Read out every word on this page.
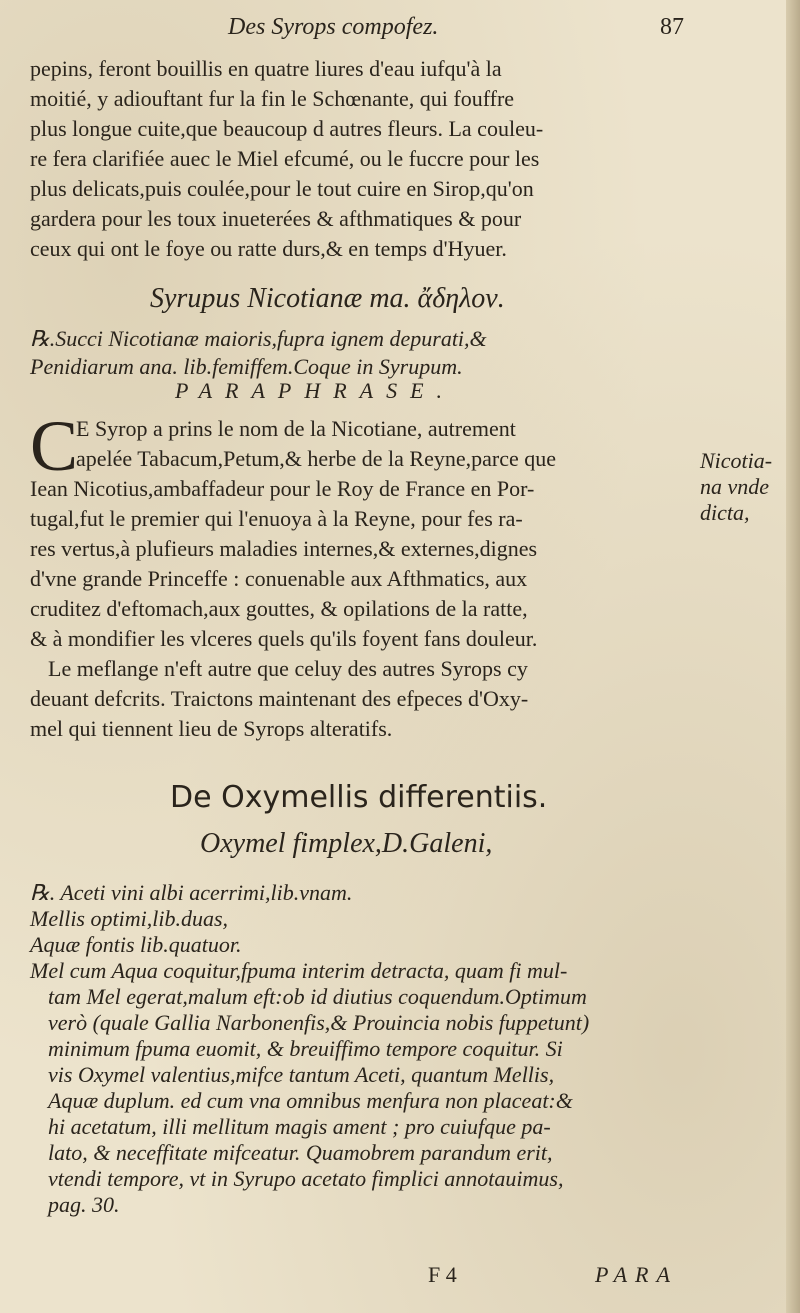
Des Syrops compofez.	87
pepins, feront bouillis en quatre liures d'eau iufqu'à la
moitié, y adiouftant fur la fin le Schœnante, qui fouffre
plus longue cuite,que beaucoup d autres fleurs. La couleu-
re fera clarifiée auec le Miel efcumé, ou le fuccre pour les
plus delicats,puis coulée,pour le tout cuire en Sirop,qu'on
gardera pour les toux inueterées & afthmatiques & pour
ceux qui ont le foye ou ratte durs,& en temps d'Hyuer.
Syrupus Nicotianæ ma. ἄδηλον.
℞.Succi Nicotianæ maioris,fupra ignem depurati,&
Penidiarum ana. lib.femiffem.Coque in Syrupum.
PARAPHRASE.
C
E Syrop a prins le nom de la Nicotiane, autrement
apelée Tabacum,Petum,& herbe de la Reyne,parce que
Iean Nicotius,ambaffadeur pour le Roy de France en Por-
tugal,fut le premier qui l'enuoya à la Reyne, pour fes ra-
res vertus,à plufieurs maladies internes,& externes,dignes
d'vne grande Princeffe : conuenable aux Afthmatics, aux
cruditez d'eftomach,aux gouttes, & opilations de la ratte,
& à mondifier les vlceres quels qu'ils foyent fans douleur.
Le meflange n'eft autre que celuy des autres Syrops cy
deuant defcrits. Traictons maintenant des efpeces d'Oxy-
mel qui tiennent lieu de Syrops alteratifs.
Nicotia-
na vnde
dicta,
De Oxymellis differentiis.
Oxymel fimplex,D.Galeni,
℞. Aceti vini albi acerrimi,lib.vnam.
Mellis optimi,lib.duas,
Aquæ fontis lib.quatuor.
Mel cum Aqua coquitur,fpuma interim detracta, quam fi mul-
tam Mel egerat,malum eft:ob id diutius coquendum.Optimum
verò (quale Gallia Narbonenfis,& Prouincia nobis fuppetunt)
minimum fpuma euomit, & breuiffimo tempore coquitur. Si
vis Oxymel valentius,mifce tantum Aceti, quantum Mellis,
Aquæ duplum. ed cum vna omnibus menfura non placeat:&
hi acetatum, illi mellitum magis ament ; pro cuiufque pa-
lato, & neceffitate mifceatur. Quamobrem parandum erit,
vtendi tempore, vt in Syrupo acetato fimplici annotauimus,
pag. 30.
F 4	PARA
